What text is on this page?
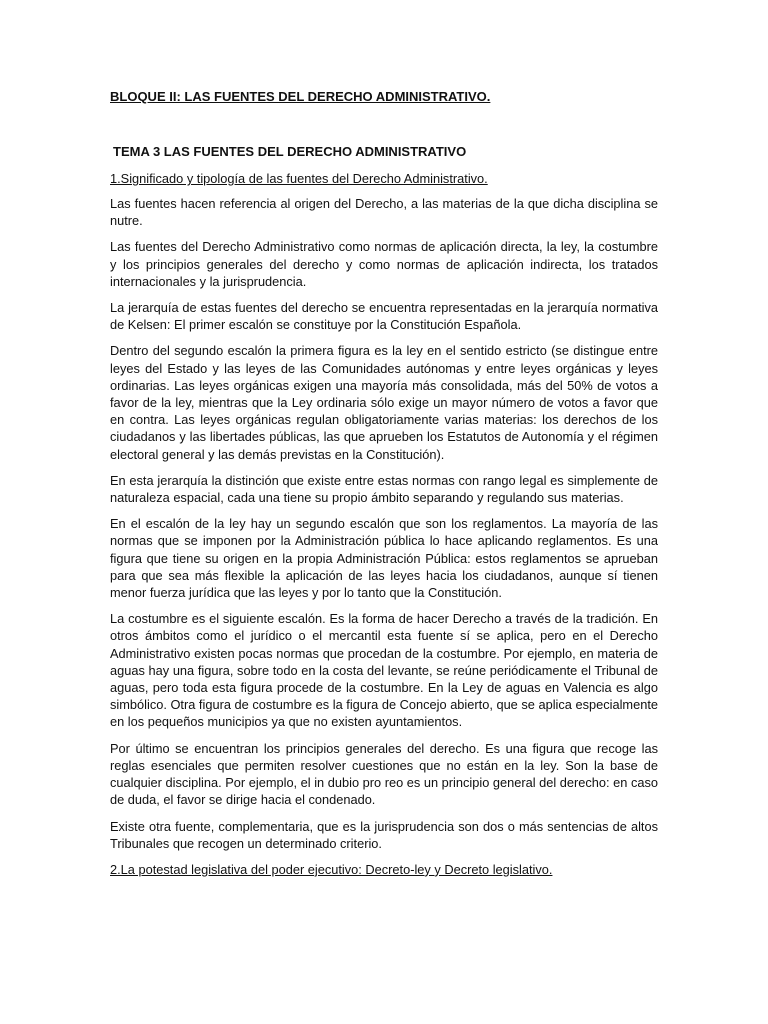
BLOQUE II: LAS FUENTES DEL DERECHO ADMINISTRATIVO.
TEMA 3 LAS FUENTES DEL DERECHO ADMINISTRATIVO
1.Significado y tipología de las fuentes del Derecho Administrativo.

Las fuentes hacen referencia al origen del Derecho, a las materias de la que dicha disciplina se nutre.

Las fuentes del Derecho Administrativo como normas de aplicación directa, la ley, la costumbre y los principios generales del derecho y como normas de aplicación indirecta, los tratados internacionales y la jurisprudencia.

La jerarquía de estas fuentes del derecho se encuentra representadas en la jerarquía normativa de Kelsen: El primer escalón se constituye por la Constitución Española.

Dentro del segundo escalón la primera figura es la ley en el sentido estricto (se distingue entre leyes del Estado y las leyes de las Comunidades autónomas y entre leyes orgánicas y leyes ordinarias. Las leyes orgánicas exigen una mayoría más consolidada, más del 50% de votos a favor de la ley, mientras que la Ley ordinaria sólo exige un mayor número de votos a favor que en contra. Las leyes orgánicas regulan obligatoriamente varias materias: los derechos de los ciudadanos y las libertades públicas, las que aprueben los Estatutos de Autonomía y el régimen electoral general y las demás previstas en la Constitución).

En esta jerarquía la distinción que existe entre estas normas con rango legal es simplemente de naturaleza espacial, cada una tiene su propio ámbito separando y regulando sus materias.

En el escalón de la ley hay un segundo escalón que son los reglamentos. La mayoría de las normas que se imponen por la Administración pública lo hace aplicando reglamentos. Es una figura que tiene su origen en la propia Administración Pública: estos reglamentos se aprueban para que sea más flexible la aplicación de las leyes hacia los ciudadanos, aunque sí tienen menor fuerza jurídica que las leyes y por lo tanto que la Constitución.

La costumbre es el siguiente escalón. Es la forma de hacer Derecho a través de la tradición. En otros ámbitos como el jurídico o el mercantil esta fuente sí se aplica, pero en el Derecho Administrativo existen pocas normas que procedan de la costumbre. Por ejemplo, en materia de aguas hay una figura, sobre todo en la costa del levante, se reúne periódicamente el Tribunal de aguas, pero toda esta figura procede de la costumbre. En la Ley de aguas en Valencia es algo simbólico. Otra figura de costumbre es la figura de Concejo abierto, que se aplica especialmente en los pequeños municipios ya que no existen ayuntamientos.

Por último se encuentran los principios generales del derecho. Es una figura que recoge las reglas esenciales que permiten resolver cuestiones que no están en la ley. Son la base de cualquier disciplina. Por ejemplo, el in dubio pro reo es un principio general del derecho: en caso de duda, el favor se dirige hacia el condenado.

Existe otra fuente, complementaria, que es la jurisprudencia son dos o más sentencias de altos Tribunales que recogen un determinado criterio.

2.La potestad legislativa del poder ejecutivo: Decreto-ley y Decreto legislativo.
